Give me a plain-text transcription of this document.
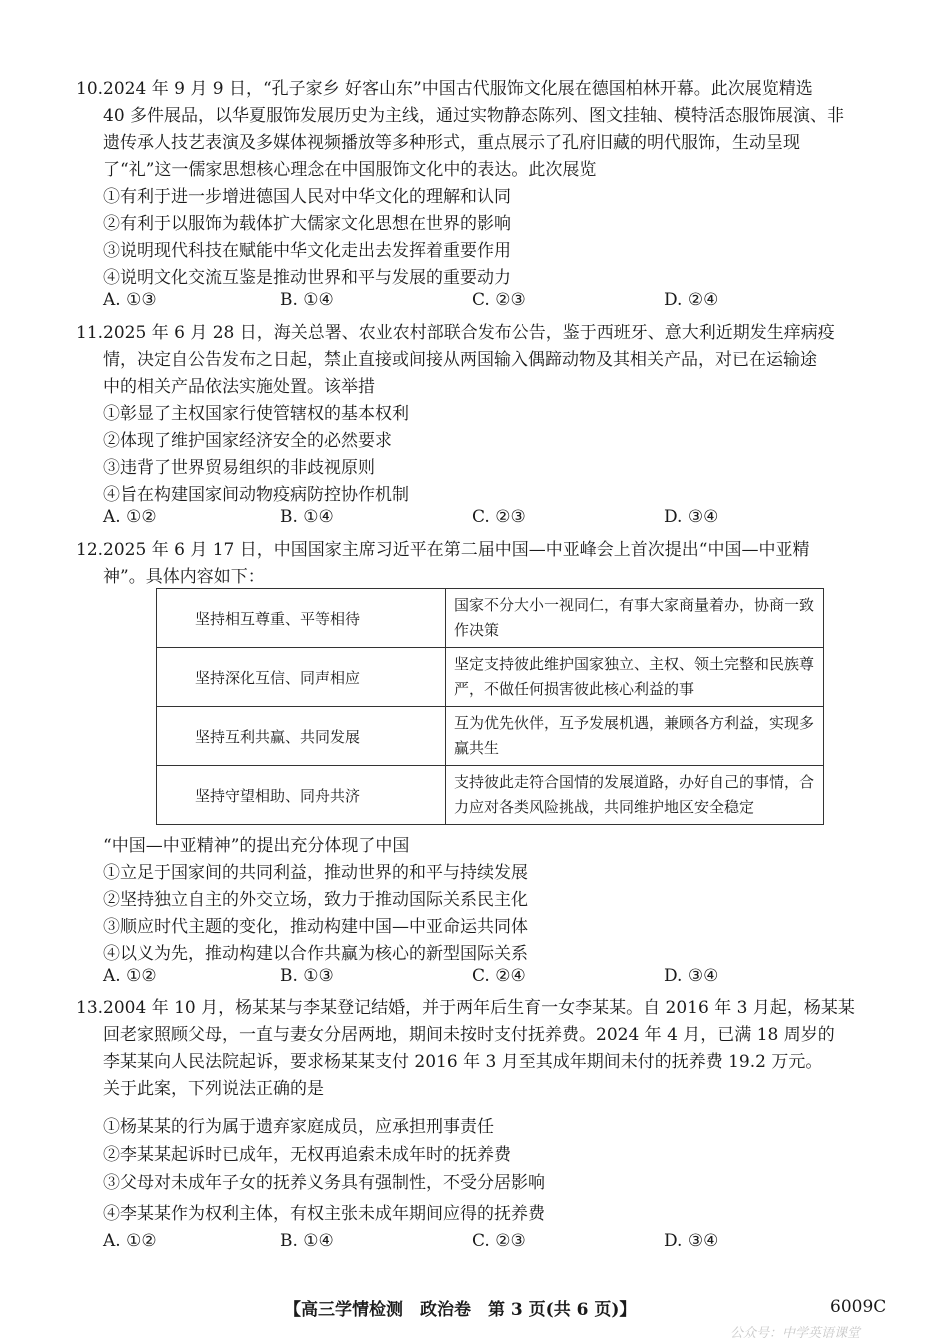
10.2024 年 9 月 9 日，“孔子家乡 好客山东”中国古代服饰文化展在德国柏林开幕。此次展览精选
40 多件展品，以华夏服饰发展历史为主线，通过实物静态陈列、图文挂轴、模特活态服饰展演、非
遗传承人技艺表演及多媒体视频播放等多种形式，重点展示了孔府旧藏的明代服饰，生动呈现
了“礼”这一儒家思想核心理念在中国服饰文化中的表达。此次展览
①有利于进一步增进德国人民对中华文化的理解和认同
②有利于以服饰为载体扩大儒家文化思想在世界的影响
③说明现代科技在赋能中华文化走出去发挥着重要作用
④说明文化交流互鉴是推动世界和平与发展的重要动力
A. ①③	B. ①④	C. ②③	D. ②④
11.2025 年 6 月 28 日，海关总署、农业农村部联合发布公告，鉴于西班牙、意大利近期发生痒病疫
情，决定自公告发布之日起，禁止直接或间接从两国输入偶蹄动物及其相关产品，对已在运输途
中的相关产品依法实施处置。该举措
①彰显了主权国家行使管辖权的基本权利
②体现了维护国家经济安全的必然要求
③违背了世界贸易组织的非歧视原则
④旨在构建国家间动物疫病防控协作机制
A. ①②	B. ①④	C. ②③	D. ③④
12.2025 年 6 月 17 日，中国国家主席习近平在第二届中国—中亚峰会上首次提出“中国—中亚精
神”。具体内容如下：
坚持相互尊重、平等相待	国家不分大小一视同仁，有事大家商量着办，协商一致作决策
坚持深化互信、同声相应	坚定支持彼此维护国家独立、主权、领土完整和民族尊严，不做任何损害彼此核心利益的事
坚持互利共赢、共同发展	互为优先伙伴，互予发展机遇，兼顾各方利益，实现多赢共生
坚持守望相助、同舟共济	支持彼此走符合国情的发展道路，办好自己的事情，合力应对各类风险挑战，共同维护地区安全稳定
“中国—中亚精神”的提出充分体现了中国
①立足于国家间的共同利益，推动世界的和平与持续发展
②坚持独立自主的外交立场，致力于推动国际关系民主化
③顺应时代主题的变化，推动构建中国—中亚命运共同体
④以义为先，推动构建以合作共赢为核心的新型国际关系
A. ①②	B. ①③	C. ②④	D. ③④
13.2004 年 10 月，杨某某与李某登记结婚，并于两年后生育一女李某某。自 2016 年 3 月起，杨某某
回老家照顾父母，一直与妻女分居两地，期间未按时支付抚养费。2024 年 4 月，已满 18 周岁的
李某某向人民法院起诉，要求杨某某支付 2016 年 3 月至其成年期间未付的抚养费 19.2 万元。
关于此案，下列说法正确的是
①杨某某的行为属于遗弃家庭成员，应承担刑事责任
②李某某起诉时已成年，无权再追索未成年时的抚养费
③父母对未成年子女的抚养义务具有强制性，不受分居影响
④李某某作为权利主体，有权主张未成年期间应得的抚养费
A. ①②	B. ①④	C. ②③	D. ③④
【高三学情检测　政治卷　第 3 页(共 6 页)】	6009C
公众号：中学英语课堂
